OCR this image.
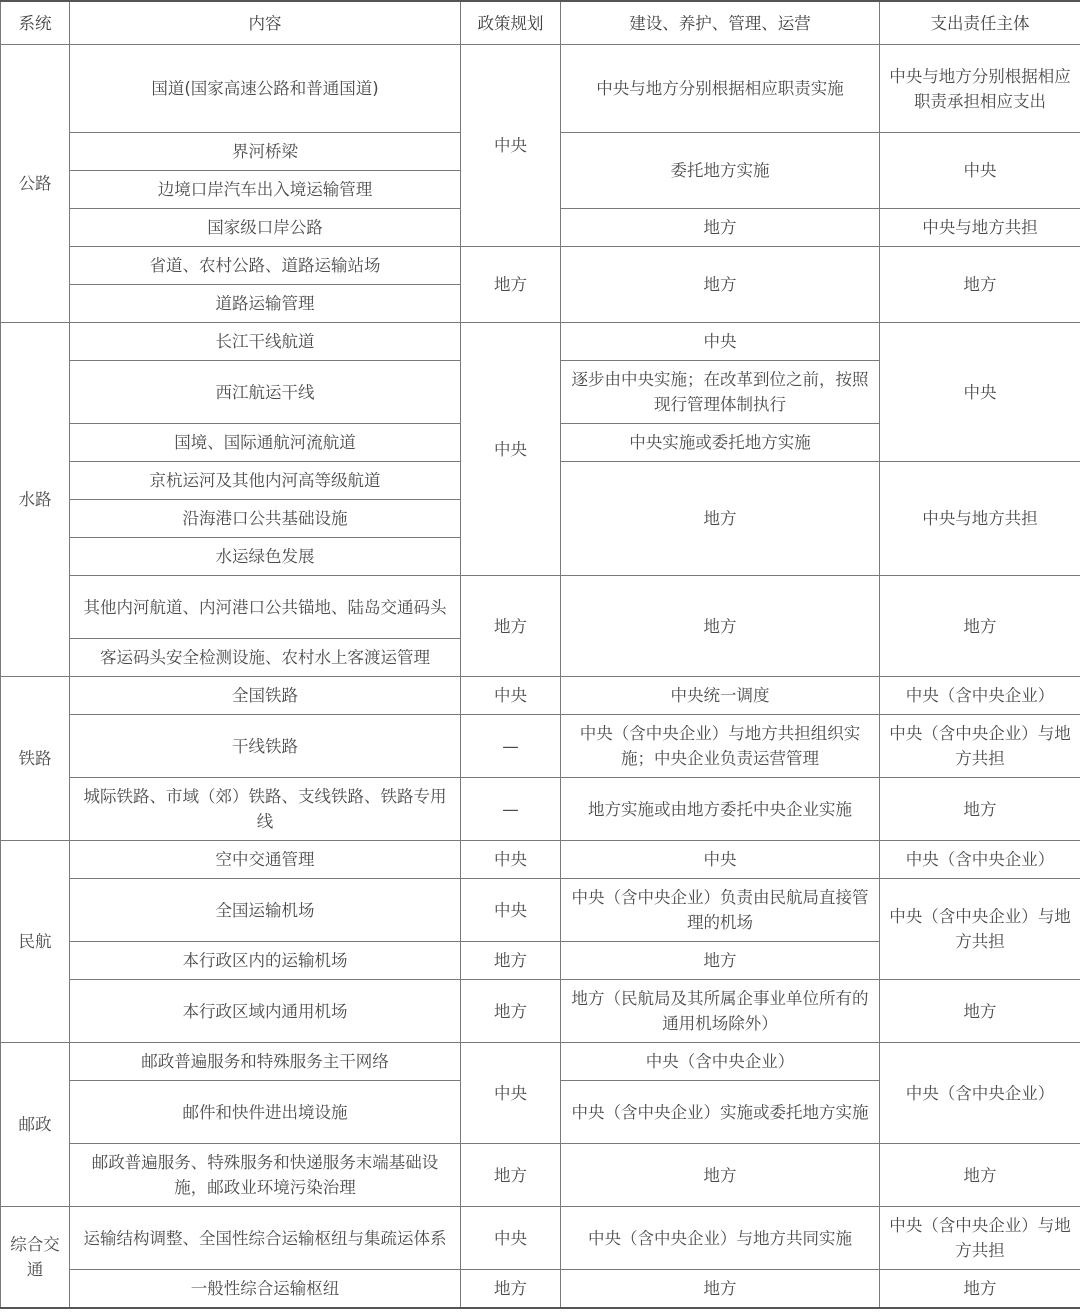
系统	内容	政策规划	建设、养护、管理、运营	支出责任主体
公路	国道(国家高速公路和普通国道)	中央	中央与地方分别根据相应职责实施	中央与地方分别根据相应职责承担相应支出
	界河桥梁		委托地方实施	中央
	边境口岸汽车出入境运输管理			
	国家级口岸公路		地方	中央与地方共担
	省道、农村公路、道路运输站场	地方	地方	地方
	道路运输管理			
水路	长江干线航道	中央	中央	中央
	西江航运干线		逐步由中央实施；在改革到位之前，按照现行管理体制执行	
	国境、国际通航河流航道		中央实施或委托地方实施	
	京杭运河及其他内河高等级航道		地方	中央与地方共担
	沿海港口公共基础设施			
	水运绿色发展			
	其他内河航道、内河港口公共锚地、陆岛交通码头	地方	地方	地方
	客运码头安全检测设施、农村水上客渡运管理			
铁路	全国铁路	中央	中央统一调度	中央（含中央企业）
	干线铁路	—	中央（含中央企业）与地方共担组织实施；中央企业负责运营管理	中央（含中央企业）与地方共担
	城际铁路、市域（郊）铁路、支线铁路、铁路专用线	—	地方实施或由地方委托中央企业实施	地方
民航	空中交通管理	中央	中央	中央（含中央企业）
	全国运输机场	中央	中央（含中央企业）负责由民航局直接管理的机场	中央（含中央企业）与地方共担
	本行政区内的运输机场	地方	地方	
	本行政区域内通用机场	地方	地方（民航局及其所属企事业单位所有的通用机场除外）	地方
邮政	邮政普遍服务和特殊服务主干网络	中央	中央（含中央企业）	中央（含中央企业）
	邮件和快件进出境设施		中央（含中央企业）实施或委托地方实施	
	邮政普遍服务、特殊服务和快递服务末端基础设施，邮政业环境污染治理	地方	地方	地方
综合交通	运输结构调整、全国性综合运输枢纽与集疏运体系	中央	中央（含中央企业）与地方共同实施	中央（含中央企业）与地方共担
	一般性综合运输枢纽	地方	地方	地方
